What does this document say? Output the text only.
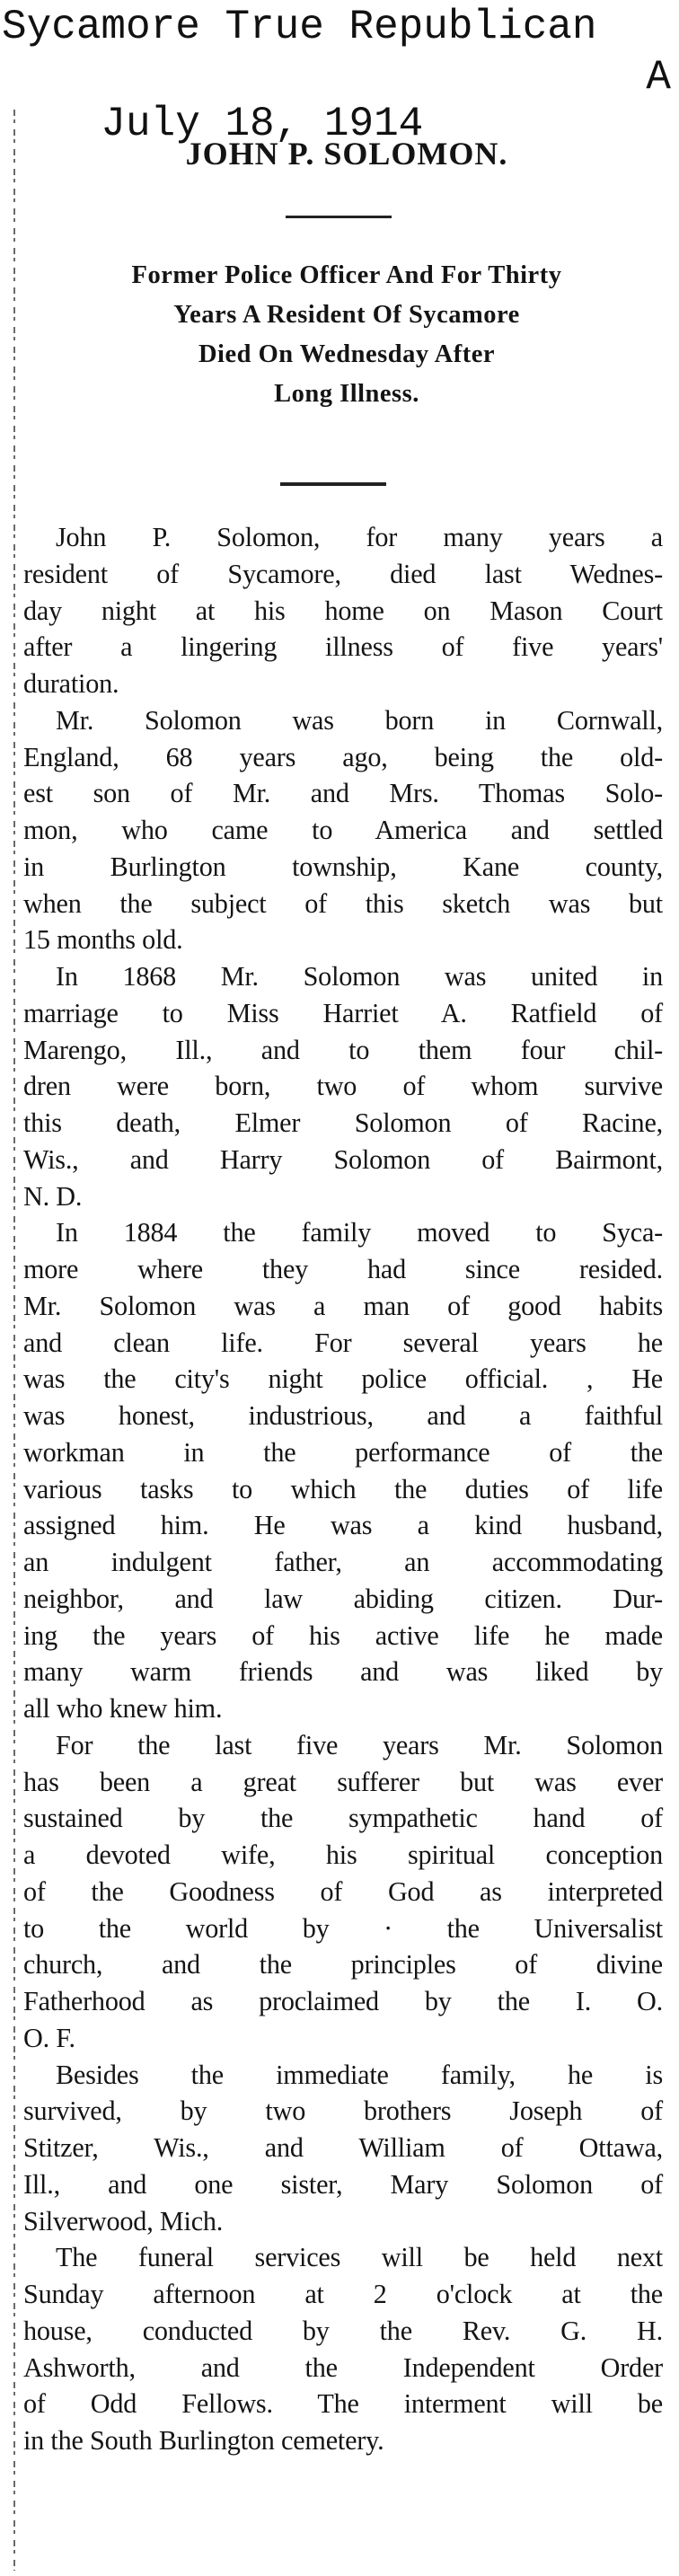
Sycamore True Republican

July 18, 1914

A

JOHN P. SOLOMON.
Former Police Officer And For Thirty
Years A Resident Of Sycamore
Died On Wednesday After
Long Illness.
John P. Solomon, for many years a
resident of Sycamore, died last Wednes-
day night at his home on Mason Court
after a lingering illness of five years'
duration.
Mr. Solomon was born in Cornwall,
England, 68 years ago, being the old-
est son of Mr. and Mrs. Thomas Solo-
mon, who came to America and settled
in Burlington township, Kane county,
when the subject of this sketch was but
15 months old.
In 1868 Mr. Solomon was united in
marriage to Miss Harriet A. Ratfield of
Marengo, Ill., and to them four chil-
dren were born, two of whom survive
this death, Elmer Solomon of Racine,
Wis., and Harry Solomon of Bairmont,
N. D.
In 1884 the family moved to Syca-
more where they had since resided.
Mr. Solomon was a man of good habits
and clean life. For several years he
was the city's night police official. , He
was honest, industrious, and a faithful
workman in the performance of the
various tasks to which the duties of life
assigned him. He was a kind husband,
an indulgent father, an accommodating
neighbor, and law abiding citizen. Dur-
ing the years of his active life he made
many warm friends and was liked by
all who knew him.
For the last five years Mr. Solomon
has been a great sufferer but was ever
sustained by the sympathetic hand of
a devoted wife, his spiritual conception
of the Goodness of God as interpreted
to the world by · the Universalist
church, and the principles of divine
Fatherhood as proclaimed by the I. O.
O. F.
Besides the immediate family, he is
survived, by two brothers Joseph of
Stitzer, Wis., and William of Ottawa,
Ill., and one sister, Mary Solomon of
Silverwood, Mich.
The funeral services will be held next
Sunday afternoon at 2 o'clock at the
house, conducted by the Rev. G. H.
Ashworth, and the Independent Order
of Odd Fellows. The interment will be
in the South Burlington cemetery.
